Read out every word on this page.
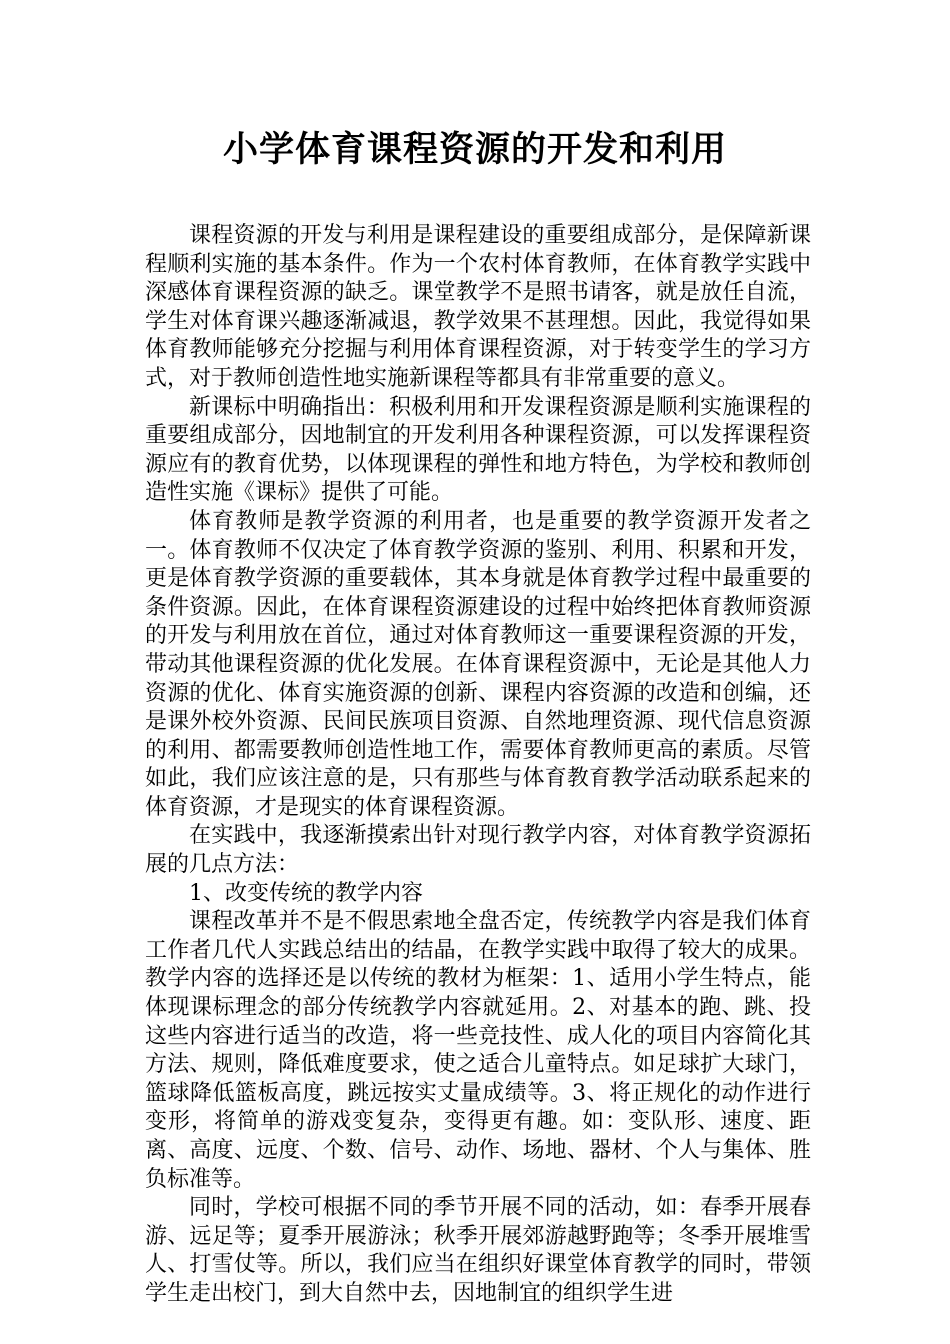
小学体育课程资源的开发和利用

课程资源的开发与利用是课程建设的重要组成部分，是保障新课程顺利实施的基本条件。作为一个农村体育教师，在体育教学实践中深感体育课程资源的缺乏。课堂教学不是照书请客，就是放任自流，学生对体育课兴趣逐渐减退，教学效果不甚理想。因此，我觉得如果体育教师能够充分挖掘与利用体育课程资源，对于转变学生的学习方式，对于教师创造性地实施新课程等都具有非常重要的意义。

新课标中明确指出：积极利用和开发课程资源是顺利实施课程的重要组成部分，因地制宜的开发利用各种课程资源，可以发挥课程资源应有的教育优势，以体现课程的弹性和地方特色，为学校和教师创造性实施《课标》提供了可能。

体育教师是教学资源的利用者，也是重要的教学资源开发者之一。体育教师不仅决定了体育教学资源的鉴别、利用、积累和开发，更是体育教学资源的重要载体，其本身就是体育教学过程中最重要的条件资源。因此，在体育课程资源建设的过程中始终把体育教师资源的开发与利用放在首位，通过对体育教师这一重要课程资源的开发，带动其他课程资源的优化发展。在体育课程资源中，无论是其他人力资源的优化、体育实施资源的创新、课程内容资源的改造和创编，还是课外校外资源、民间民族项目资源、自然地理资源、现代信息资源的利用、都需要教师创造性地工作，需要体育教师更高的素质。尽管如此，我们应该注意的是，只有那些与体育教育教学活动联系起来的体育资源，才是现实的体育课程资源。

在实践中，我逐渐摸索出针对现行教学内容，对体育教学资源拓展的几点方法：

1、改变传统的教学内容

课程改革并不是不假思索地全盘否定，传统教学内容是我们体育工作者几代人实践总结出的结晶，在教学实践中取得了较大的成果。教学内容的选择还是以传统的教材为框架：1、适用小学生特点，能体现课标理念的部分传统教学内容就延用。2、对基本的跑、跳、投这些内容进行适当的改造，将一些竞技性、成人化的项目内容简化其方法、规则，降低难度要求，使之适合儿童特点。如足球扩大球门，篮球降低篮板高度，跳远按实丈量成绩等。3、将正规化的动作进行变形，将简单的游戏变复杂，变得更有趣。如：变队形、速度、距离、高度、远度、个数、信号、动作、场地、器材、个人与集体、胜负标准等。

同时，学校可根据不同的季节开展不同的活动，如：春季开展春游、远足等；夏季开展游泳；秋季开展郊游越野跑等；冬季开展堆雪人、打雪仗等。所以，我们应当在组织好课堂体育教学的同时，带领学生走出校门，到大自然中去，因地制宜的组织学生进
